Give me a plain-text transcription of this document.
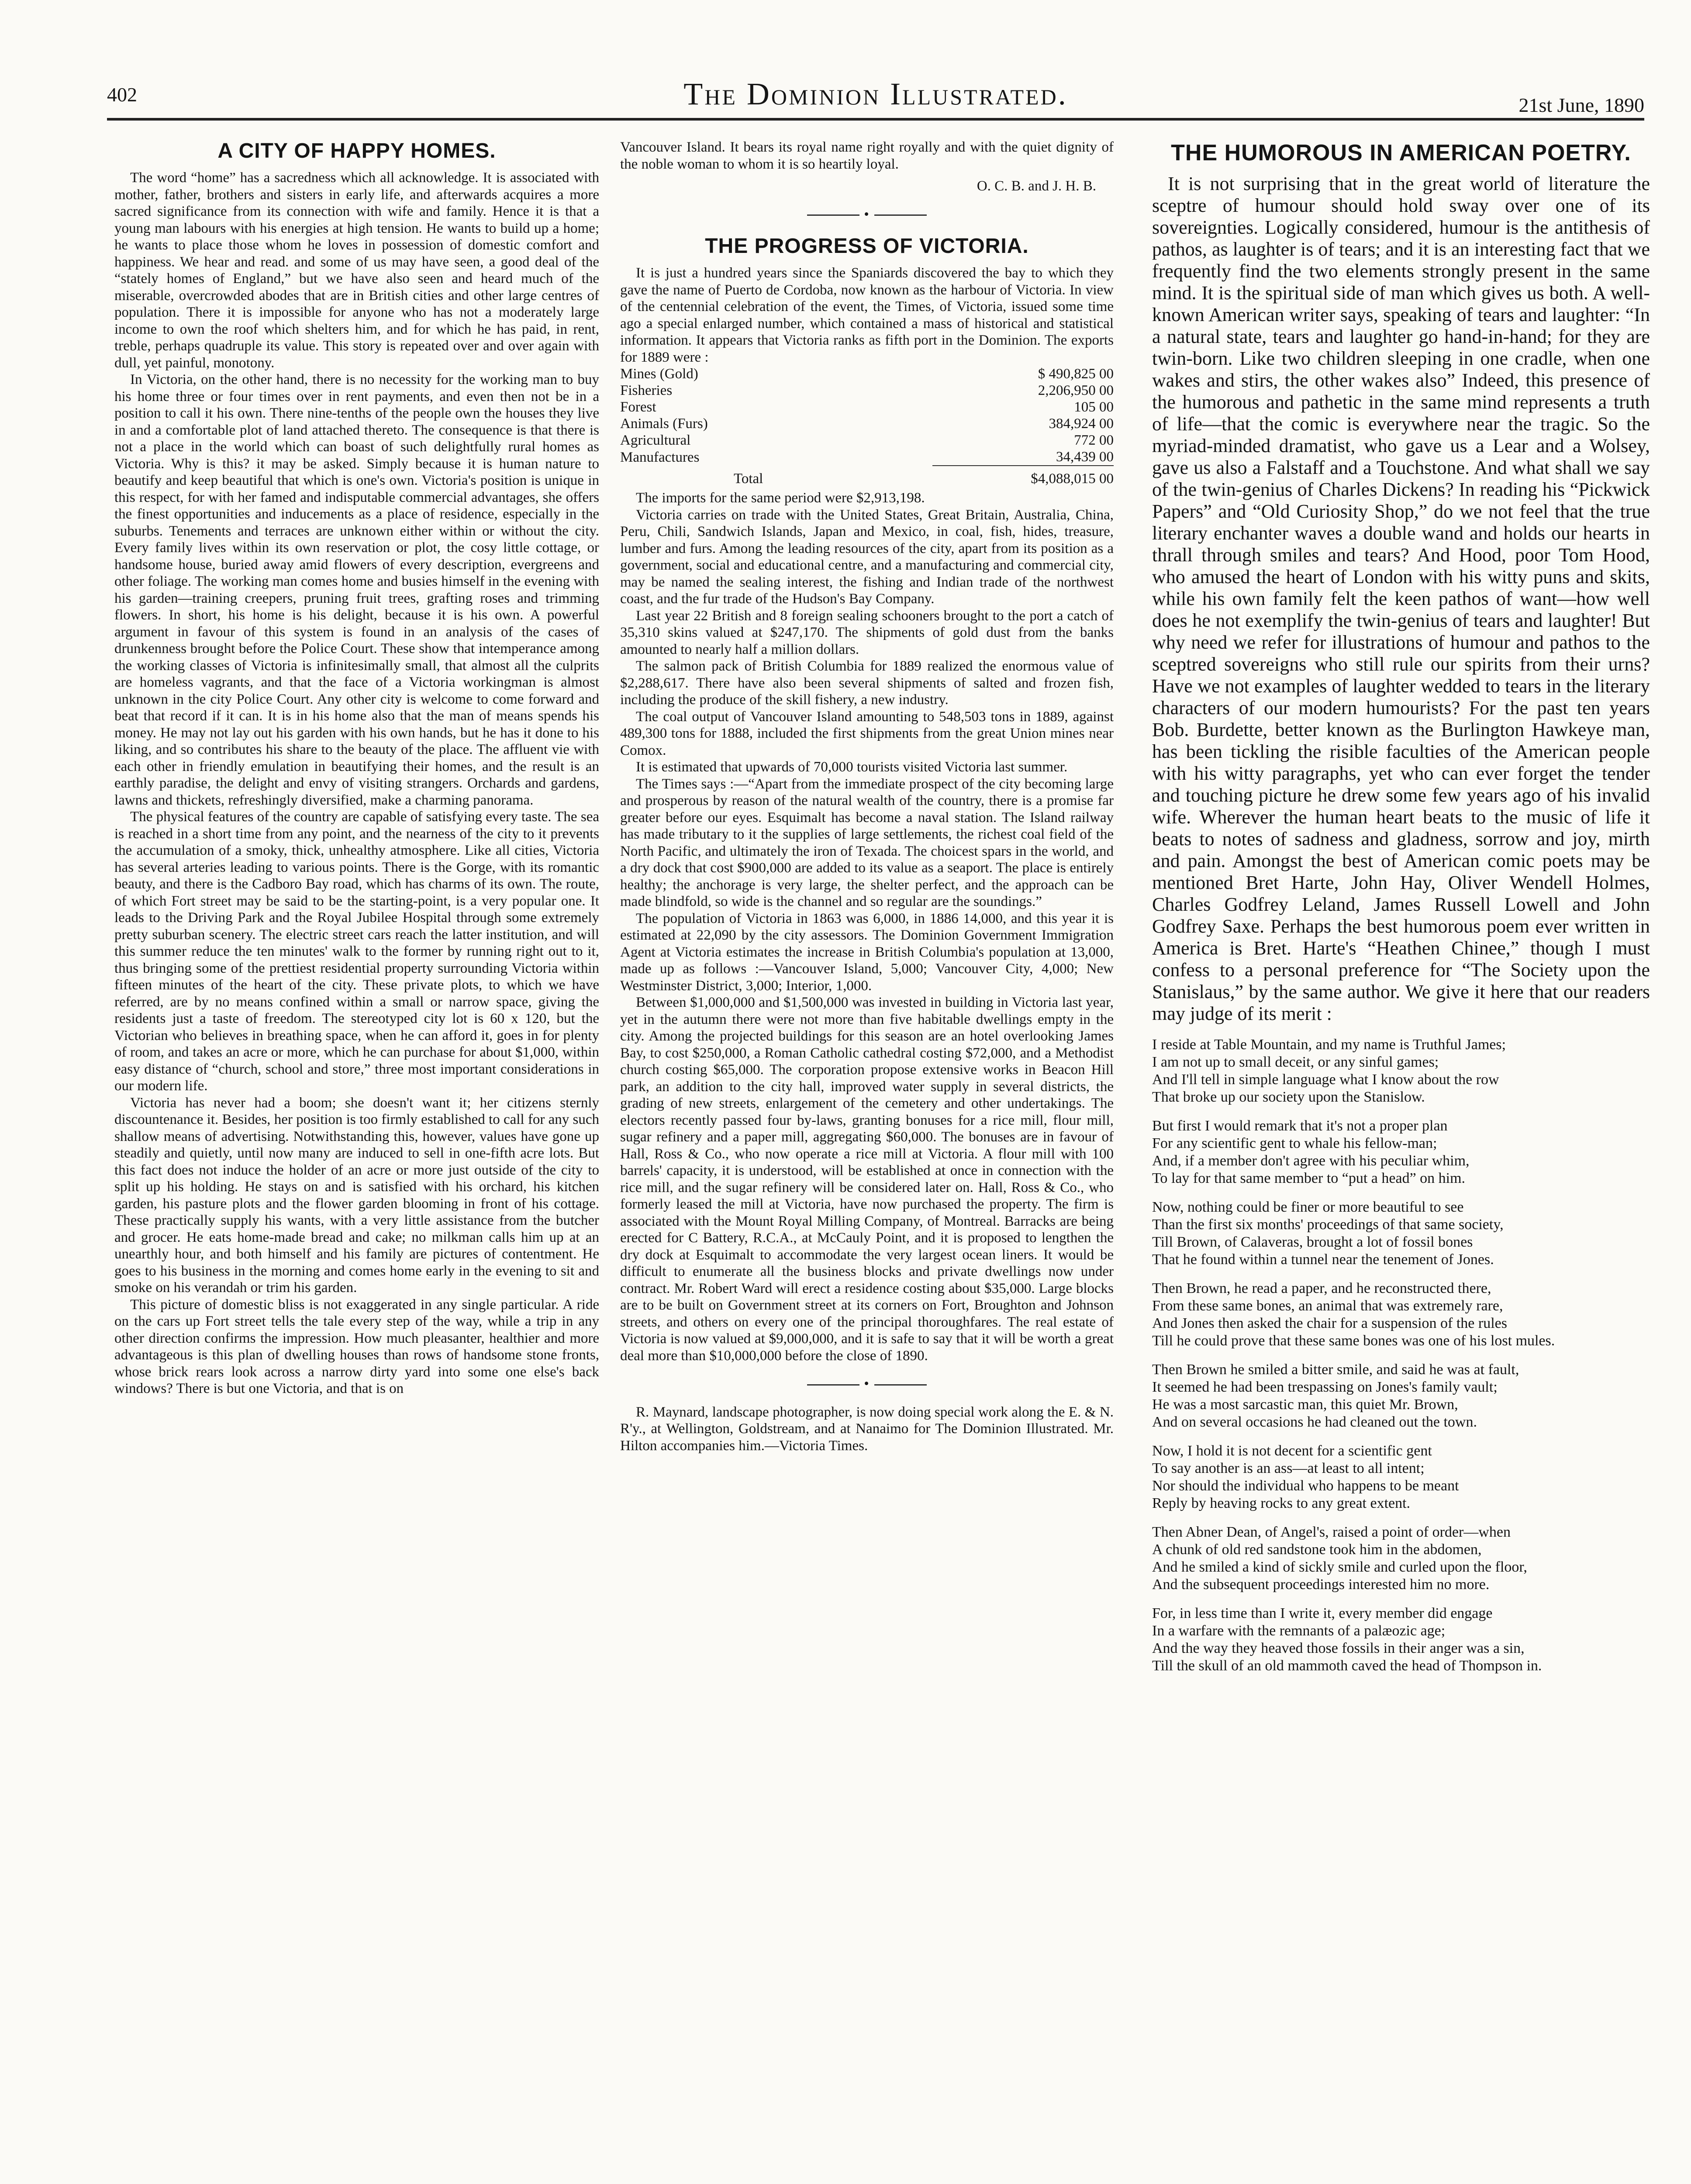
402	The Dominion Illustrated.	21st June, 1890
A CITY OF HAPPY HOMES.

The word “home” has a sacredness which all acknowledge. It is associated with mother, father, brothers and sisters in early life, and afterwards acquires a more sacred significance from its connection with wife and family. Hence it is that a young man labours with his energies at high tension. He wants to build up a home; he wants to place those whom he loves in possession of domestic comfort and happiness. We hear and read. and some of us may have seen, a good deal of the “stately homes of England,” but we have also seen and heard much of the miserable, overcrowded abodes that are in British cities and other large centres of population. There it is impossible for anyone who has not a moderately large income to own the roof which shelters him, and for which he has paid, in rent, treble, perhaps quadruple its value. This story is repeated over and over again with dull, yet painful, monotony.

In Victoria, on the other hand, there is no necessity for the working man to buy his home three or four times over in rent payments, and even then not be in a position to call it his own. There nine-tenths of the people own the houses they live in and a comfortable plot of land attached thereto. The consequence is that there is not a place in the world which can boast of such delightfully rural homes as Victoria. Why is this? it may be asked. Simply because it is human nature to beautify and keep beautiful that which is one's own. Victoria's position is unique in this respect, for with her famed and indisputable commercial advantages, she offers the finest opportunities and inducements as a place of residence, especially in the suburbs. Tenements and terraces are unknown either within or without the city. Every family lives within its own reservation or plot, the cosy little cottage, or handsome house, buried away amid flowers of every description, evergreens and other foliage. The working man comes home and busies himself in the evening with his garden—training creepers, pruning fruit trees, grafting roses and trimming flowers. In short, his home is his delight, because it is his own. A powerful argument in favour of this system is found in an analysis of the cases of drunkenness brought before the Police Court. These show that intemperance among the working classes of Victoria is infinitesimally small, that almost all the culprits are homeless vagrants, and that the face of a Victoria workingman is almost unknown in the city Police Court. Any other city is welcome to come forward and beat that record if it can. It is in his home also that the man of means spends his money. He may not lay out his garden with his own hands, but he has it done to his liking, and so contributes his share to the beauty of the place. The affluent vie with each other in friendly emulation in beautifying their homes, and the result is an earthly paradise, the delight and envy of visiting strangers. Orchards and gardens, lawns and thickets, refreshingly diversified, make a charming panorama.

The physical features of the country are capable of satisfying every taste. The sea is reached in a short time from any point, and the nearness of the city to it prevents the accumulation of a smoky, thick, unhealthy atmosphere. Like all cities, Victoria has several arteries leading to various points. There is the Gorge, with its romantic beauty, and there is the Cadboro Bay road, which has charms of its own. The route, of which Fort street may be said to be the starting-point, is a very popular one. It leads to the Driving Park and the Royal Jubilee Hospital through some extremely pretty suburban scenery. The electric street cars reach the latter institution, and will this summer reduce the ten minutes' walk to the former by running right out to it, thus bringing some of the prettiest residential property surrounding Victoria within fifteen minutes of the heart of the city. These private plots, to which we have referred, are by no means confined within a small or narrow space, giving the residents just a taste of freedom. The stereotyped city lot is 60 x 120, but the Victorian who believes in breathing space, when he can afford it, goes in for plenty of room, and takes an acre or more, which he can purchase for about $1,000, within easy distance of “church, school and store,” three most important considerations in our modern life.

Victoria has never had a boom; she doesn't want it; her citizens sternly discountenance it. Besides, her position is too firmly established to call for any such shallow means of advertising. Notwithstanding this, however, values have gone up steadily and quietly, until now many are induced to sell in one-fifth acre lots. But this fact does not induce the holder of an acre or more just outside of the city to split up his holding. He stays on and is satisfied with his orchard, his kitchen garden, his pasture plots and the flower garden blooming in front of his cottage. These practically supply his wants, with a very little assistance from the butcher and grocer. He eats home-made bread and cake; no milkman calls him up at an unearthly hour, and both himself and his family are pictures of contentment. He goes to his business in the morning and comes home early in the evening to sit and smoke on his verandah or trim his garden.

This picture of domestic bliss is not exaggerated in any single particular. A ride on the cars up Fort street tells the tale every step of the way, while a trip in any other direction confirms the impression. How much pleasanter, healthier and more advantageous is this plan of dwelling houses than rows of handsome stone fronts, whose brick rears look across a narrow dirty yard into some one else's back windows? There is but one Victoria, and that is on

Vancouver Island. It bears its royal name right royally and with the quiet dignity of the noble woman to whom it is so heartily loyal.

O. C. B. and J. H. B.

•
THE PROGRESS OF VICTORIA.

It is just a hundred years since the Spaniards discovered the bay to which they gave the name of Puerto de Cordoba, now known as the harbour of Victoria. In view of the centennial celebration of the event, the Times, of Victoria, issued some time ago a special enlarged number, which contained a mass of historical and statistical information. It appears that Victoria ranks as fifth port in the Dominion. The exports for 1889 were :

Mines (Gold)	$ 490,825 00
Fisheries	2,206,950 00
Forest	105 00
Animals (Furs)	384,924 00
Agricultural	772 00
Manufactures	34,439 00
Total	$4,088,015 00

The imports for the same period were $2,913,198.

Victoria carries on trade with the United States, Great Britain, Australia, China, Peru, Chili, Sandwich Islands, Japan and Mexico, in coal, fish, hides, treasure, lumber and furs. Among the leading resources of the city, apart from its position as a government, social and educational centre, and a manufacturing and commercial city, may be named the sealing interest, the fishing and Indian trade of the northwest coast, and the fur trade of the Hudson's Bay Company.

Last year 22 British and 8 foreign sealing schooners brought to the port a catch of 35,310 skins valued at $247,170. The shipments of gold dust from the banks amounted to nearly half a million dollars.

The salmon pack of British Columbia for 1889 realized the enormous value of $2,288,617. There have also been several shipments of salted and frozen fish, including the produce of the skill fishery, a new industry.

The coal output of Vancouver Island amounting to 548,503 tons in 1889, against 489,300 tons for 1888, included the first shipments from the great Union mines near Comox.

It is estimated that upwards of 70,000 tourists visited Victoria last summer.

The Times says :—“Apart from the immediate prospect of the city becoming large and prosperous by reason of the natural wealth of the country, there is a promise far greater before our eyes. Esquimalt has become a naval station. The Island railway has made tributary to it the supplies of large settlements, the richest coal field of the North Pacific, and ultimately the iron of Texada. The choicest spars in the world, and a dry dock that cost $900,000 are added to its value as a seaport. The place is entirely healthy; the anchorage is very large, the shelter perfect, and the approach can be made blindfold, so wide is the channel and so regular are the soundings.”

The population of Victoria in 1863 was 6,000, in 1886 14,000, and this year it is estimated at 22,090 by the city assessors. The Dominion Government Immigration Agent at Victoria estimates the increase in British Columbia's population at 13,000, made up as follows :—Vancouver Island, 5,000; Vancouver City, 4,000; New Westminster District, 3,000; Interior, 1,000.

Between $1,000,000 and $1,500,000 was invested in building in Victoria last year, yet in the autumn there were not more than five habitable dwellings empty in the city. Among the projected buildings for this season are an hotel overlooking James Bay, to cost $250,000, a Roman Catholic cathedral costing $72,000, and a Methodist church costing $65,000. The corporation propose extensive works in Beacon Hill park, an addition to the city hall, improved water supply in several districts, the grading of new streets, enlargement of the cemetery and other undertakings. The electors recently passed four by-laws, granting bonuses for a rice mill, flour mill, sugar refinery and a paper mill, aggregating $60,000. The bonuses are in favour of Hall, Ross & Co., who now operate a rice mill at Victoria. A flour mill with 100 barrels' capacity, it is understood, will be established at once in connection with the rice mill, and the sugar refinery will be considered later on. Hall, Ross & Co., who formerly leased the mill at Victoria, have now purchased the property. The firm is associated with the Mount Royal Milling Company, of Montreal. Barracks are being erected for C Battery, R.C.A., at McCauly Point, and it is proposed to lengthen the dry dock at Esquimalt to accommodate the very largest ocean liners. It would be difficult to enumerate all the business blocks and private dwellings now under contract. Mr. Robert Ward will erect a residence costing about $35,000. Large blocks are to be built on Government street at its corners on Fort, Broughton and Johnson streets, and others on every one of the principal thoroughfares. The real estate of Victoria is now valued at $9,000,000, and it is safe to say that it will be worth a great deal more than $10,000,000 before the close of 1890.

•

R. Maynard, landscape photographer, is now doing special work along the E. & N. R'y., at Wellington, Goldstream, and at Nanaimo for The Dominion Illustrated. Mr. Hilton accompanies him.—Victoria Times.

THE HUMOROUS IN AMERICAN POETRY.

It is not surprising that in the great world of literature the sceptre of humour should hold sway over one of its sovereignties. Logically considered, humour is the antithesis of pathos, as laughter is of tears; and it is an interesting fact that we frequently find the two elements strongly present in the same mind. It is the spiritual side of man which gives us both. A well-known American writer says, speaking of tears and laughter: “In a natural state, tears and laughter go hand-in-hand; for they are twin-born. Like two children sleeping in one cradle, when one wakes and stirs, the other wakes also” Indeed, this presence of the humorous and pathetic in the same mind represents a truth of life—that the comic is everywhere near the tragic. So the myriad-minded dramatist, who gave us a Lear and a Wolsey, gave us also a Falstaff and a Touchstone. And what shall we say of the twin-genius of Charles Dickens? In reading his “Pickwick Papers” and “Old Curiosity Shop,” do we not feel that the true literary enchanter waves a double wand and holds our hearts in thrall through smiles and tears? And Hood, poor Tom Hood, who amused the heart of London with his witty puns and skits, while his own family felt the keen pathos of want—how well does he not exemplify the twin-genius of tears and laughter! But why need we refer for illustrations of humour and pathos to the sceptred sovereigns who still rule our spirits from their urns? Have we not examples of laughter wedded to tears in the literary characters of our modern humourists? For the past ten years Bob. Burdette, better known as the Burlington Hawkeye man, has been tickling the risible faculties of the American people with his witty paragraphs, yet who can ever forget the tender and touching picture he drew some few years ago of his invalid wife. Wherever the human heart beats to the music of life it beats to notes of sadness and gladness, sorrow and joy, mirth and pain. Amongst the best of American comic poets may be mentioned Bret Harte, John Hay, Oliver Wendell Holmes, Charles Godfrey Leland, James Russell Lowell and John Godfrey Saxe. Perhaps the best humorous poem ever written in America is Bret. Harte's “Heathen Chinee,” though I must confess to a personal preference for “The Society upon the Stanislaus,” by the same author. We give it here that our readers may judge of its merit :

I reside at Table Mountain, and my name is Truthful James;
I am not up to small deceit, or any sinful games;
And I'll tell in simple language what I know about the row
That broke up our society upon the Stanislow.
But first I would remark that it's not a proper plan
For any scientific gent to whale his fellow-man;
And, if a member don't agree with his peculiar whim,
To lay for that same member to “put a head” on him.
Now, nothing could be finer or more beautiful to see
Than the first six months' proceedings of that same society,
Till Brown, of Calaveras, brought a lot of fossil bones
That he found within a tunnel near the tenement of Jones.
Then Brown, he read a paper, and he reconstructed there,
From these same bones, an animal that was extremely rare,
And Jones then asked the chair for a suspension of the rules
Till he could prove that these same bones was one of his lost mules.
Then Brown he smiled a bitter smile, and said he was at fault,
It seemed he had been trespassing on Jones's family vault;
He was a most sarcastic man, this quiet Mr. Brown,
And on several occasions he had cleaned out the town.
Now, I hold it is not decent for a scientific gent
To say another is an ass—at least to all intent;
Nor should the individual who happens to be meant
Reply by heaving rocks to any great extent.
Then Abner Dean, of Angel's, raised a point of order—when
A chunk of old red sandstone took him in the abdomen,
And he smiled a kind of sickly smile and curled upon the floor,
And the subsequent proceedings interested him no more.
For, in less time than I write it, every member did engage
In a warfare with the remnants of a palæozic age;
And the way they heaved those fossils in their anger was a sin,
Till the skull of an old mammoth caved the head of Thompson in.
